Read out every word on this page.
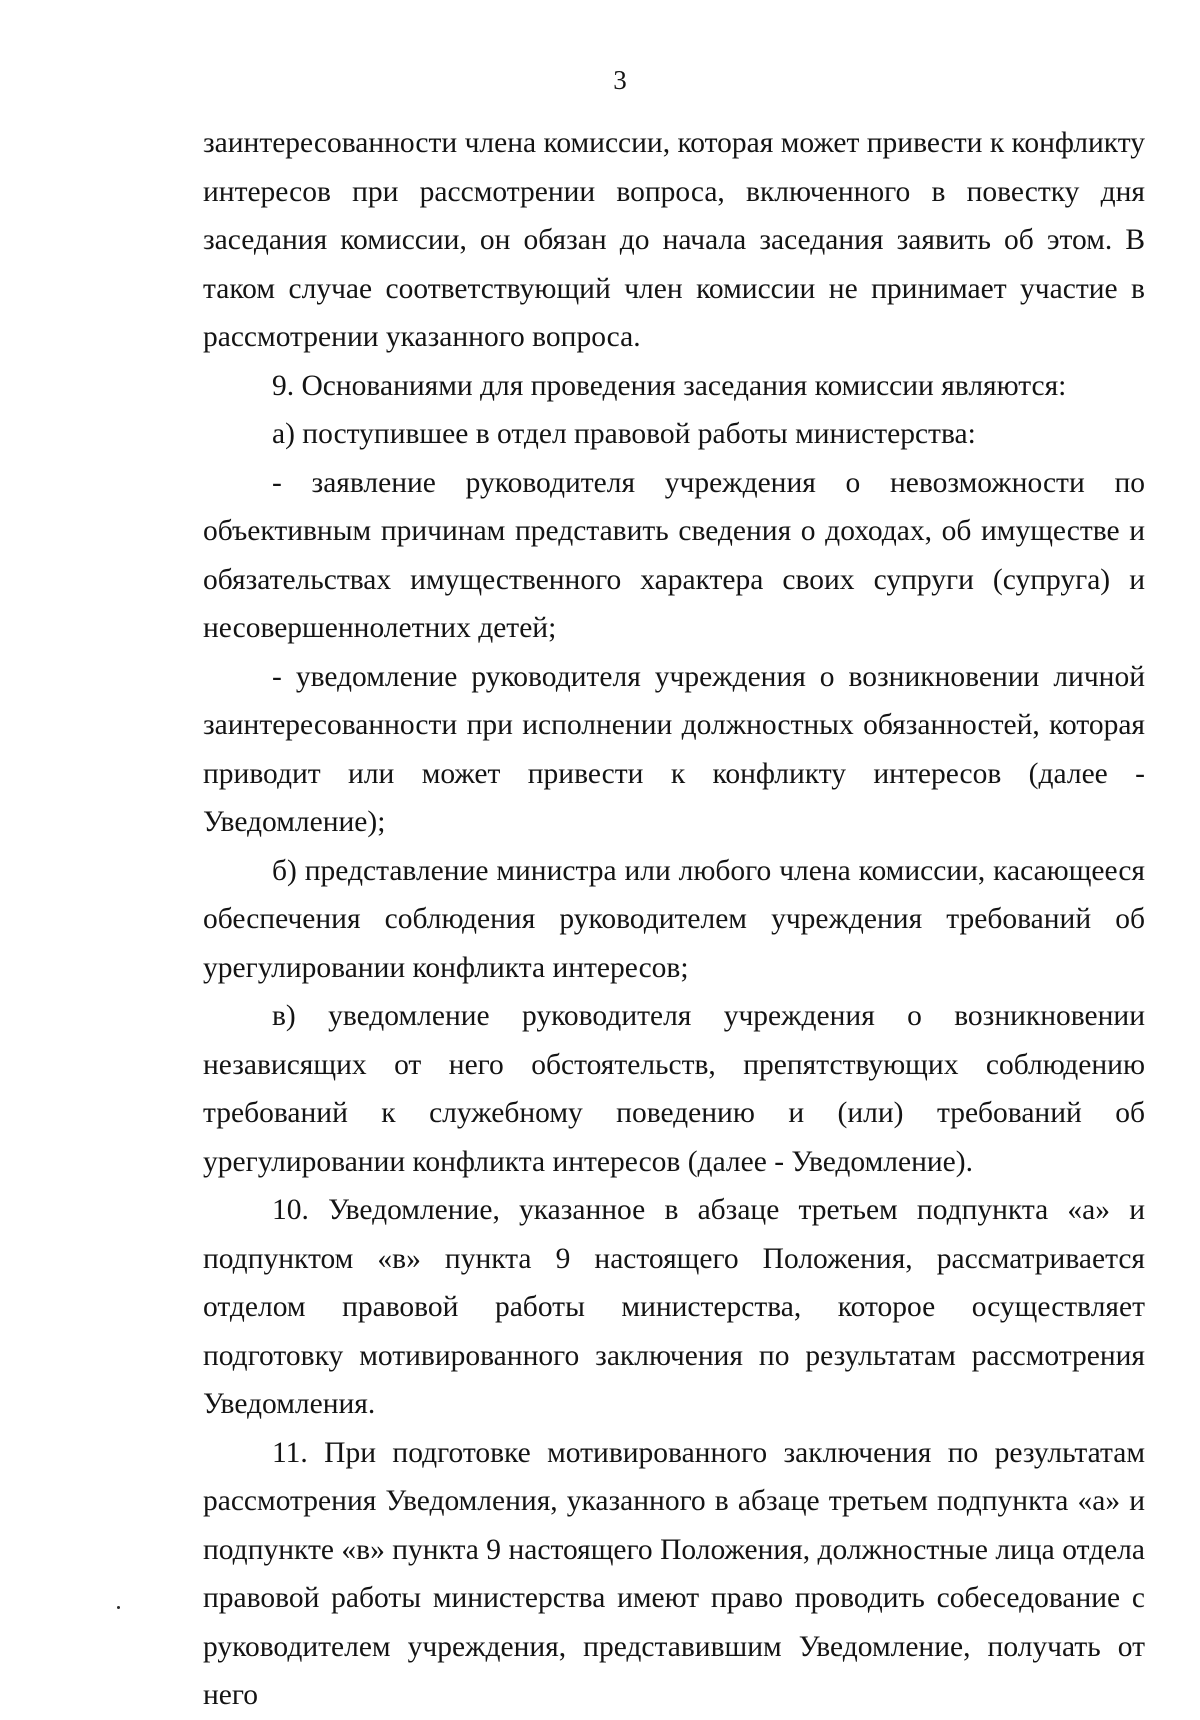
3

заинтересованности члена комиссии, которая может привести к конфликту интересов при рассмотрении вопроса, включенного в повестку дня заседания комиссии, он обязан до начала заседания заявить об этом. В таком случае соответствующий член комиссии не принимает участие в рассмотрении указанного вопроса.

9. Основаниями для проведения заседания комиссии являются:

а) поступившее в отдел правовой работы министерства:

- заявление руководителя учреждения о невозможности по объективным причинам представить сведения о доходах, об имуществе и обязательствах имущественного характера своих супруги (супруга) и несовершеннолетних детей;

- уведомление руководителя учреждения о возникновении личной заинтересованности при исполнении должностных обязанностей, которая приводит или может привести к конфликту интересов (далее - Уведомление);

б) представление министра или любого члена комиссии, касающееся обеспечения соблюдения руководителем учреждения требований об урегулировании конфликта интересов;

в) уведомление руководителя учреждения о возникновении независящих от него обстоятельств, препятствующих соблюдению требований к служебному поведению и (или) требований об урегулировании конфликта интересов (далее - Уведомление).

10. Уведомление, указанное в абзаце третьем подпункта «а» и подпунктом «в» пункта 9 настоящего Положения, рассматривается отделом правовой работы министерства, которое осуществляет подготовку мотивированного заключения по результатам рассмотрения Уведомления.

11. При подготовке мотивированного заключения по результатам рассмотрения Уведомления, указанного в абзаце третьем подпункта «а» и подпункте «в» пункта 9 настоящего Положения, должностные лица отдела правовой работы министерства имеют право проводить собеседование с руководителем учреждения, представившим Уведомление, получать от него
